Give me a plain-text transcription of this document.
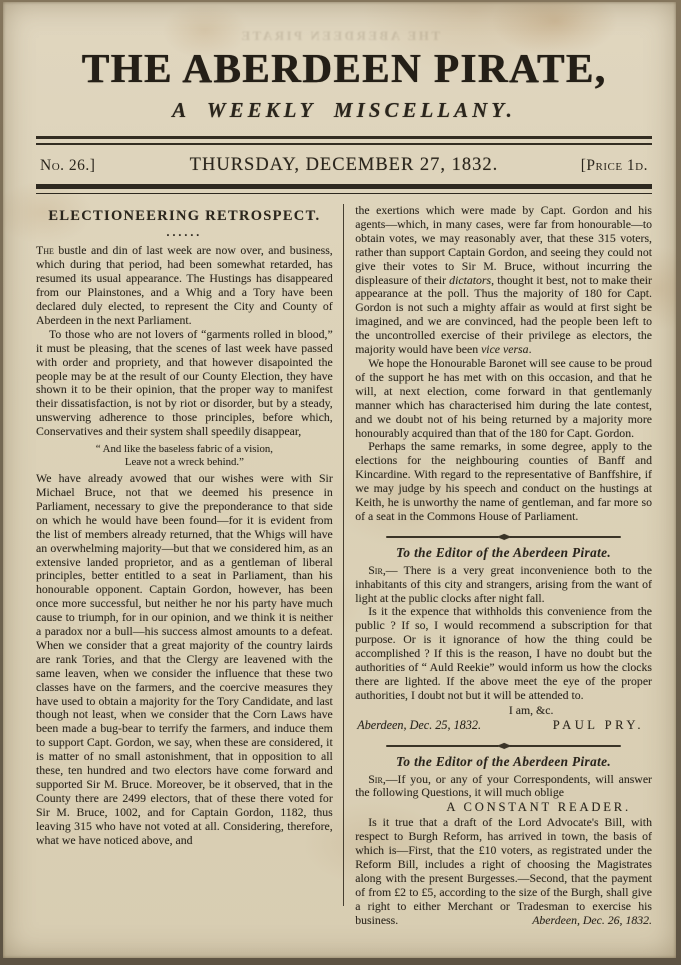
THE ABERDEEN PIRATE
THE ABERDEEN PIRATE,
A WEEKLY MISCELLANY.
No. 26.]	THURSDAY, DECEMBER 27, 1832.	[Price 1d.
ELECTIONEERING RETROSPECT.
......

The bustle and din of last week are now over, and business, which during that period, had been somewhat retarded, has resumed its usual appearance. The Hustings has disappeared from our Plainstones, and a Whig and a Tory have been declared duly elected, to represent the City and County of Aberdeen in the next Parliament.

To those who are not lovers of “garments rolled in blood,” it must be pleasing, that the scenes of last week have passed with order and propriety, and that however disapointed the people may be at the result of our County Election, they have shown it to be their opinion, that the proper way to manifest their dissatisfaction, is not by riot or disorder, but by a steady, unswerving adherence to those principles, before which, Conservatives and their system shall speedily disappear,

“ And like the baseless fabric of a vision,
Leave not a wreck behind.”

We have already avowed that our wishes were with Sir Michael Bruce, not that we deemed his presence in Parliament, necessary to give the preponderance to that side on which he would have been found—for it is evident from the list of members already returned, that the Whigs will have an overwhelming majority—but that we considered him, as an extensive landed proprietor, and as a gentleman of liberal principles, better entitled to a seat in Parliament, than his honourable opponent. Captain Gordon, however, has been once more successful, but neither he nor his party have much cause to triumph, for in our opinion, and we think it is neither a paradox nor a bull—his success almost amounts to a defeat. When we consider that a great majority of the country lairds are rank Tories, and that the Clergy are leavened with the same leaven, when we consider the influence that these two classes have on the farmers, and the coercive measures they have used to obtain a majority for the Tory Candidate, and last though not least, when we consider that the Corn Laws have been made a bug-bear to terrify the farmers, and induce them to support Capt. Gordon, we say, when these are considered, it is matter of no small astonishment, that in opposition to all these, ten hundred and two electors have come forward and supported Sir M. Bruce. Moreover, be it observed, that in the County there are 2499 electors, that of these there voted for Sir M. Bruce, 1002, and for Captain Gordon, 1182, thus leaving 315 who have not voted at all. Considering, therefore, what we have noticed above, and

the exertions which were made by Capt. Gordon and his agents—which, in many cases, were far from honourable—to obtain votes, we may reasonably aver, that these 315 voters, rather than support Captain Gordon, and seeing they could not give their votes to Sir M. Bruce, without incurring the displeasure of their dictators, thought it best, not to make their appearance at the poll. Thus the majority of 180 for Capt. Gordon is not such a mighty affair as would at first sight be imagined, and we are convinced, had the people been left to the uncontrolled exercise of their privilege as electors, the majority would have been vice versa.

We hope the Honourable Baronet will see cause to be proud of the support he has met with on this occasion, and that he will, at next election, come forward in that gentlemanly manner which has characterised him during the late contest, and we doubt not of his being returned by a majority more honourably acquired than that of the 180 for Capt. Gordon.

Perhaps the same remarks, in some degree, apply to the elections for the neighbouring counties of Banff and Kincardine. With regard to the representative of Banffshire, if we may judge by his speech and conduct on the hustings at Keith, he is unworthy the name of gentleman, and far more so of a seat in the Commons House of Parliament.

◆
To the Editor of the Aberdeen Pirate.

Sir,— There is a very great inconvenience both to the inhabitants of this city and strangers, arising from the want of light at the public clocks after night fall.

Is it the expence that withholds this convenience from the public ? If so, I would recommend a subscription for that purpose. Or is it ignorance of how the thing could be accomplished ? If this is the reason, I have no doubt but the authorities of “ Auld Reekie” would inform us how the clocks there are lighted. If the above meet the eye of the proper authorities, I doubt not but it will be attended to.

I am, &c.
Aberdeen, Dec. 25, 1832.	PAUL PRY.
◆
To the Editor of the Aberdeen Pirate.

Sir,—If you, or any of your Correspondents, will answer the following Questions, it will much oblige

A CONSTANT READER.

Is it true that a draft of the Lord Advocate's Bill, with respect to Burgh Reform, has arrived in town, the basis of which is—First, that the £10 voters, as registrated under the Reform Bill, includes a right of choosing the Magistrates along with the present Burgesses.—Second, that the payment of from £2 to £5, according to the size of the Burgh, shall give a right to either Merchant or Tradesman to exercise his business.	Aberdeen, Dec. 26, 1832.
